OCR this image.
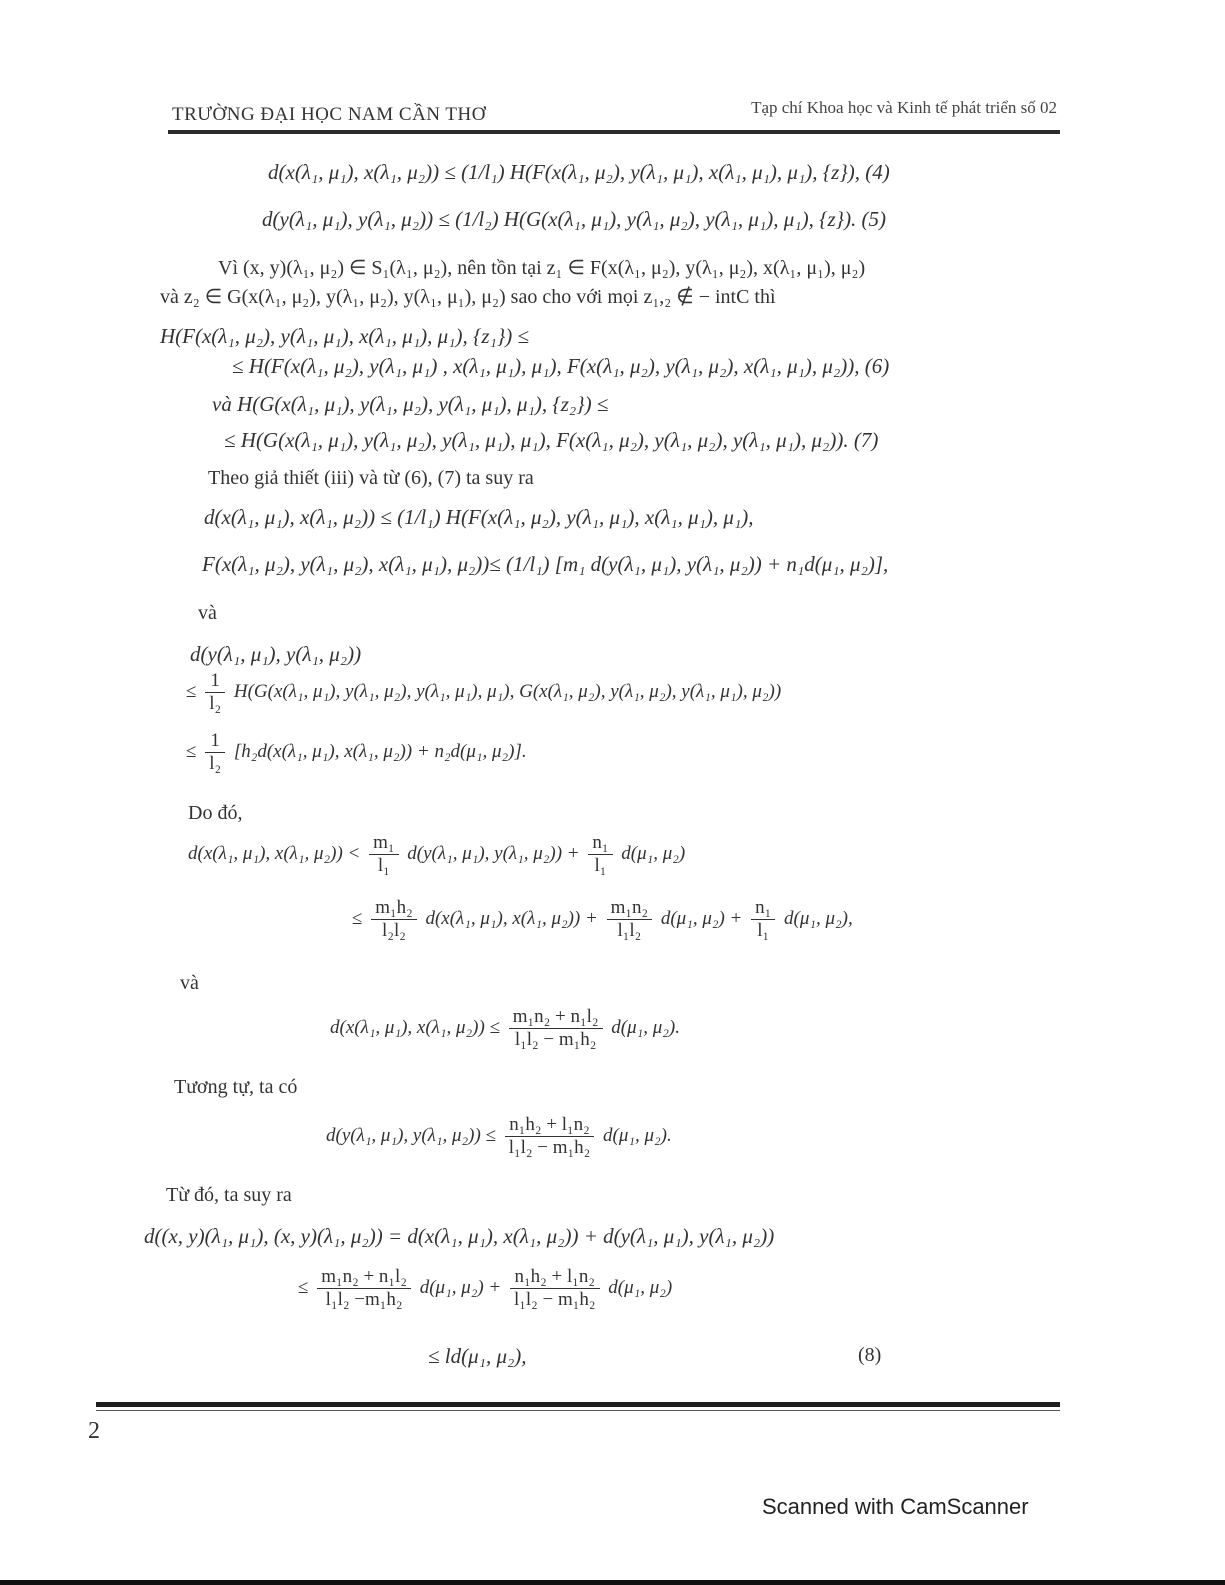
TRƯỜNG ĐẠI HỌC NAM CẦN THƠ	Tạp chí Khoa học và Kinh tế phát triển số 02
d(x(λ₁, μ₁), x(λ₁, μ₂)) ≤ (1/l₁) H(F(x(λ₁, μ₂), y(λ₁, μ₁), x(λ₁, μ₁), μ₁), {z}), (4)
d(y(λ₁, μ₁), y(λ₁, μ₂)) ≤ (1/l₂) H(G(x(λ₁, μ₁), y(λ₁, μ₂), y(λ₁, μ₁), μ₁), {z}). (5)
Vì (x, y)(λ₁, μ₂) ∈ S₁(λ₁, μ₂), nên tồn tại z₁ ∈ F(x(λ₁, μ₂), y(λ₁, μ₂), x(λ₁, μ₁), μ₂)
và z₂ ∈ G(x(λ₁, μ₂), y(λ₁, μ₂), y(λ₁, μ₁), μ₂) sao cho với mọi z₁,₂ ∉ − intC thì
H(F(x(λ₁, μ₂), y(λ₁, μ₁), x(λ₁, μ₁), μ₁), {z₁}) ≤
≤ H(F(x(λ₁, μ₂), y(λ₁, μ₁) , x(λ₁, μ₁), μ₁), F(x(λ₁, μ₂), y(λ₁, μ₂), x(λ₁, μ₁), μ₂)), (6)
và H(G(x(λ₁, μ₁), y(λ₁, μ₂), y(λ₁, μ₁), μ₁), {z₂}) ≤
≤ H(G(x(λ₁, μ₁), y(λ₁, μ₂), y(λ₁, μ₁), μ₁), F(x(λ₁, μ₂), y(λ₁, μ₂), y(λ₁, μ₁), μ₂)). (7)
Theo giả thiết (iii) và từ (6), (7) ta suy ra
d(x(λ₁, μ₁), x(λ₁, μ₂)) ≤ (1/l₁) H(F(x(λ₁, μ₂), y(λ₁, μ₁), x(λ₁, μ₁), μ₁),
F(x(λ₁, μ₂), y(λ₁, μ₂), x(λ₁, μ₁), μ₂))≤ (1/l₁) [m₁ d(y(λ₁, μ₁), y(λ₁, μ₂)) + n₁d(μ₁, μ₂)],
và
d(y(λ₁, μ₁), y(λ₁, μ₂))
≤ $\frac{1}{\text{l₂}} H(G(x(\lambda_1$, μ₁), y(λ₁, μ₂), y(λ₁, μ₁), μ₁), G(x(λ₁, μ₂), y(λ₁, μ₂), y(λ₁, μ₁), μ₂))
≤ $\frac{1}{\text{l₂}} [h_2d(x(\lambda_1$, μ₁), x(λ₁, μ₂)) + n₂d(μ₁, μ₂)].
Do đó,
d(x(λ₁, μ₁), x(λ₁, $\mu_2)) < \frac{\text{m₁}}{\text{l₁}} d(y(\lambda_1$, μ₁), y(λ₁, $\mu_2)) + \frac{\text{n₁}}{\text{l₁}} d(\mu_1$, μ₂)
≤ $\frac{\text{m₁h₂}}{\text{l₂l₂}} d(x(\lambda_1$, μ₁), x(λ₁, $\mu_2)) + \frac{\text{m₁n₂}}{\text{l₁l₂}} d(\mu_1$, $\mu_2) + \frac{\text{n₁}}{\text{l₁}} d(\mu_1$, μ₂),
và
d(x(λ₁, μ₁), x(λ₁, $\mu_2)) \le \frac{\text{m₁n₂ + n₁l₂}}{\text{l₁l₂ − m₁h₂}} d(\mu_1$, μ₂).
Tương tự, ta có
d(y(λ₁, μ₁), y(λ₁, $\mu_2)) \le \frac{\text{n₁h₂ + l₁n₂}}{\text{l₁l₂ − m₁h₂}} d(\mu_1$, μ₂).
Từ đó, ta suy ra
d((x, y)(λ₁, μ₁), (x, y)(λ₁, μ₂)) = d(x(λ₁, μ₁), x(λ₁, μ₂)) + d(y(λ₁, μ₁), y(λ₁, μ₂))
≤ $\frac{\text{m₁n₂ + n₁l₂}}{\text{l₁l₂ −m₁h₂}} d(\mu_1$, $\mu_2) + \frac{\text{n₁h₂ + l₁n₂}}{\text{l₁l₂ − m₁h₂}} d(\mu_1$, μ₂)
≤ ld(μ₁, μ₂),	(8)
2
Scanned with CamScanner
